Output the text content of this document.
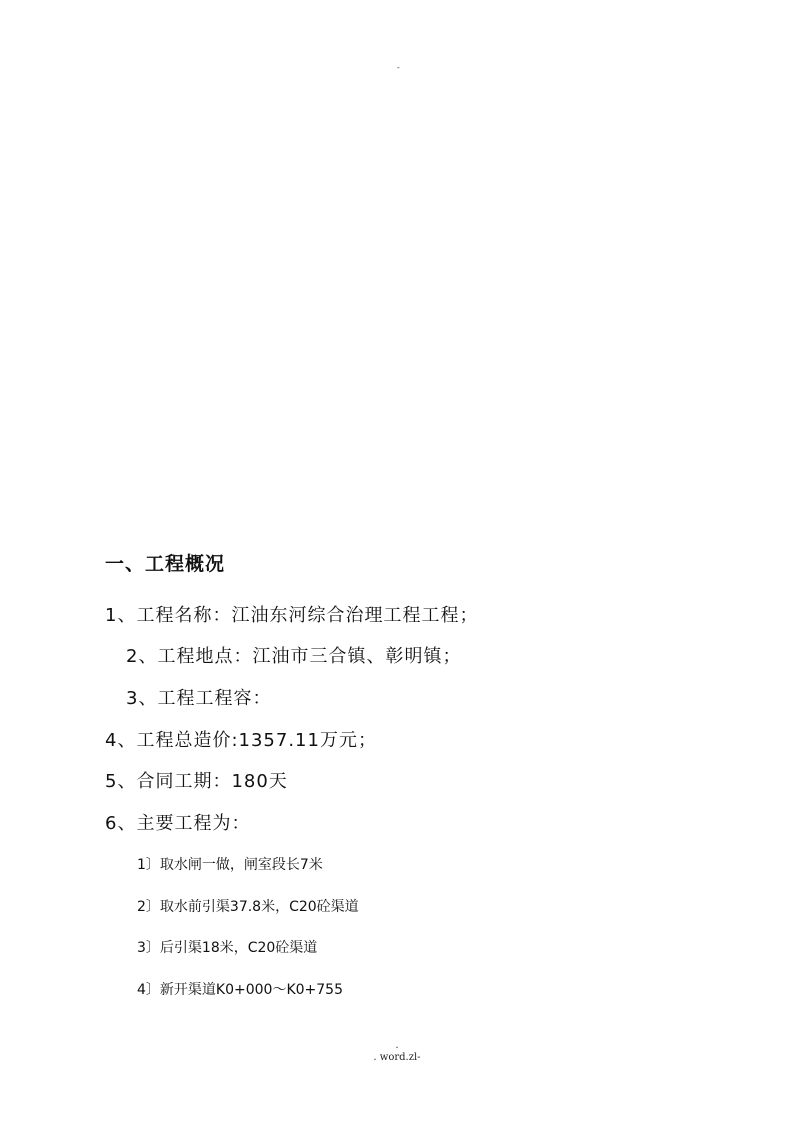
-
一、工程概况
1、工程名称：江油东河综合治理工程工程；
2、工程地点：江油市三合镇、彰明镇；
3、工程工程容：
4、工程总造价:1357.11万元；
5、合同工期：180天
6、主要工程为：
1〕取水闸一做，闸室段长7米
2〕取水前引渠37.8米，C20砼渠道
3〕后引渠18米，C20砼渠道
4〕新开渠道K0+000～K0+755
.
. word.zl-
